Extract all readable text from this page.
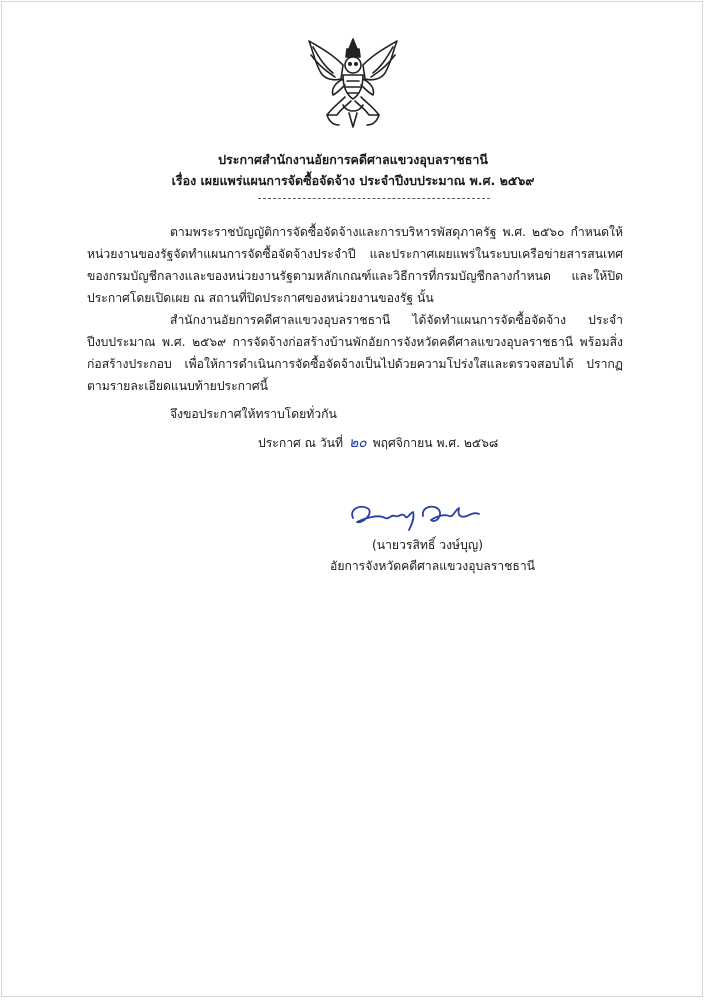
ประกาศสำนักงานอัยการคดีศาลแขวงอุบลราชธานี
เรื่อง เผยแพร่แผนการจัดซื้อจัดจ้าง ประจำปีงบประมาณ พ.ศ. ๒๕๖๙

ตามพระราชบัญญัติการจัดซื้อจัดจ้างและการบริหารพัสดุภาครัฐ พ.ศ. ๒๕๖๐ กำหนดให้หน่วยงานของรัฐจัดทำแผนการจัดซื้อจัดจ้างประจำปี และประกาศเผยแพร่ในระบบเครือข่ายสารสนเทศของกรมบัญชีกลางและของหน่วยงานรัฐตามหลักเกณฑ์และวิธีการที่กรมบัญชีกลางกำหนด และให้ปิดประกาศโดยเปิดเผย ณ สถานที่ปิดประกาศของหน่วยงานของรัฐ นั้น

สำนักงานอัยการคดีศาลแขวงอุบลราชธานี ได้จัดทำแผนการจัดซื้อจัดจ้าง ประจำปีงบประมาณ พ.ศ. ๒๕๖๙ การจัดจ้างก่อสร้างบ้านพักอัยการจังหวัดคดีศาลแขวงอุบลราชธานี พร้อมสิ่งก่อสร้างประกอบ เพื่อให้การดำเนินการจัดซื้อจัดจ้างเป็นไปด้วยความโปร่งใสและตรวจสอบได้ ปรากฏตามรายละเอียดแนบท้ายประกาศนี้

จึงขอประกาศให้ทราบโดยทั่วกัน
ประกาศ ณ วันที่ ๒๐ พฤศจิกายน พ.ศ. ๒๕๖๘
(นายวรสิทธิ์ วงษ์บุญ)
อัยการจังหวัดคดีศาลแขวงอุบลราชธานี
